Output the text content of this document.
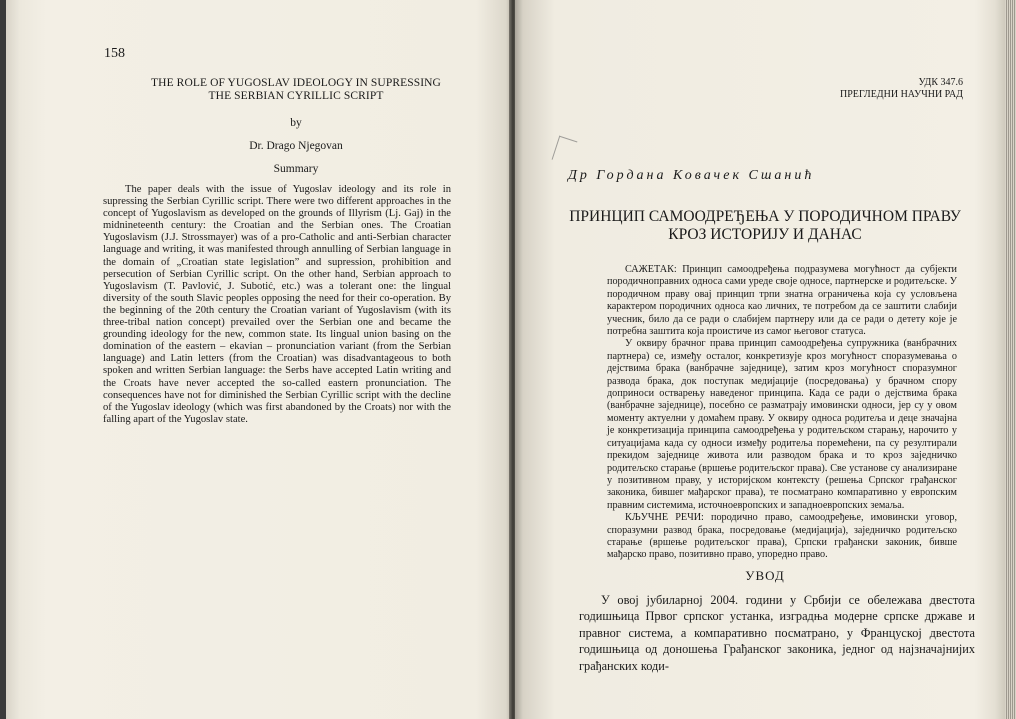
158
THE ROLE OF YUGOSLAV IDEOLOGY IN SUPRESSING
THE SERBIAN CYRILLIC SCRIPT
by
Dr. Drago Njegovan
Summary

The paper deals with the issue of Yugoslav ideology and its role in supressing the Serbian Cyrillic script. There were two different approaches in the concept of Yugoslavism as developed on the grounds of Illyrism (Lj. Gaj) in the midnineteenth century: the Croatian and the Serbian ones. The Croatian Yugoslavism (J.J. Strossmayer) was of a pro-Catholic and anti-Serbian character language and writing, it was manifested through annulling of Serbian language in the domain of „Croatian state legislation” and supression, prohibition and persecution of Serbian Cyrillic script. On the other hand, Serbian approach to Yugoslavism (T. Pavlović, J. Subotić, etc.) was a tolerant one: the lingual diversity of the south Slavic peoples opposing the need for their co-operation. By the beginning of the 20th century the Croatian variant of Yugoslavism (with its three-tribal nation concept) prevailed over the Serbian one and became the grounding ideology for the new, common state. Its lingual union basing on the domination of the eastern – ekavian – pronunciation variant (from the Serbian language) and Latin letters (from the Croatian) was disadvantageous to both spoken and written Serbian language: the Serbs have accepted Latin writing and the Croats have never accepted the so-called eastern pronunciation. The consequences have not for diminished the Serbian Cyrillic script with the decline of the Yugoslav ideology (which was first abandoned by the Croats) nor with the falling apart of the Yugoslav state.

УДК 347.6
ПРЕГЛЕДНИ НАУЧНИ РАД
Др Гордана Ковачек Сшанић
ПРИНЦИП САМООДРЕЂЕЊА У ПОРОДИЧНОМ ПРАВУ
КРОЗ ИСТОРИЈУ И ДАНАС

САЖЕТАК: Принцип самоодређења подразумева могућност да субјекти породичноправних односа сами уреде своје односе, партнерске и родитељске. У породичном праву овај принцип трпи знатна ограничења која су условљена карактером породичних односа као личних, те потребом да се заштити слабији учесник, било да се ради о слабијем партнеру или да се ради о детету које је потребна заштита која проистиче из самог његовог статуса.

У оквиру брачног права принцип самоодређења супружника (ванбрачних партнера) се, између осталог, конкретизује кроз могућност споразумевања о дејствима брака (ванбрачне заједнице), затим кроз могућност споразумног развода брака, док поступак медијације (посредовања) у брачном спору доприноси остварењу наведеног принципа. Када се ради о дејствима брака (ванбрачне заједнице), посебно се разматрају имовински односи, јер су у овом моменту актуелни у домаћем праву. У оквиру односа родитеља и деце значајна је конкретизација принципа самоодређења у родитељском старању, нарочито у ситуацијама када су односи између родитеља поремећени, па су резултирали прекидом заједнице живота или разводом брака и то кроз заједничко родитељско старање (вршење родитељског права). Све установе су анализиране у позитивном праву, у историјском контексту (решења Српског грађанског законика, бившег мађарског права), те посматрано компаративно у европским правним системима, источноевропских и западноевропских земаља.

КЉУЧНЕ РЕЧИ: породично право, самоодређење, имовински уговор, споразумни развод брака, посредовање (медијација), заједничко родитељско старање (вршење родитељског права), Српски грађански законик, бивше мађарско право, позитивно право, упоредно право.

УВОД

У овој јубиларној 2004. години у Србији се обележава двестота годишњица Првог српског устанка, изградња модерне српске државе и правног система, а компаративно посматрано, у Француској двестота годишњица од доношења Грађанског законика, једног од најзначајнијих грађанских коди-
